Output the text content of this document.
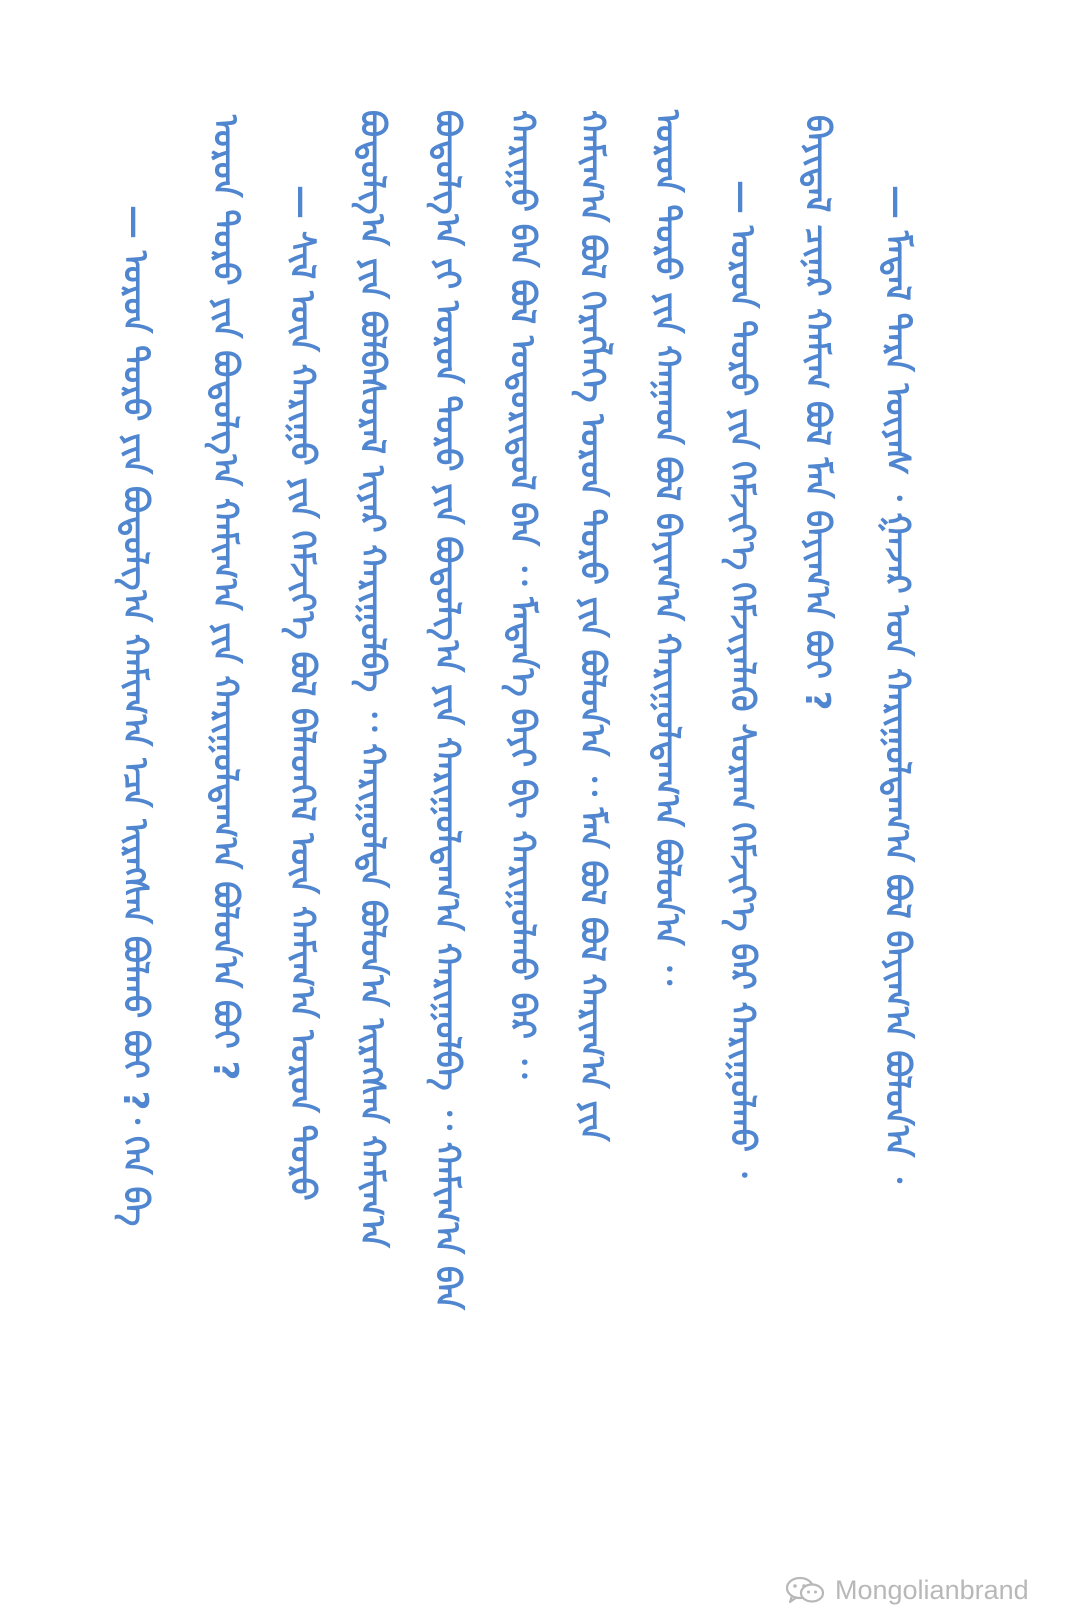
— ᠤᠷᠤᠨ ᠲᠤᠷᠤ ᠶᠢᠨ ᠪᠣᠳᠣᠯᠭ᠎ᠠ ᠬᠠᠮᠢᠭ᠎ᠠ ᠡᠴᠡ ᠢᠷᠡᠭᠰᠡᠨ ᠪᠣᠯᠬᠤ ᠪᠤᠢ ?᠂ ᠬᠡᠨ ᠪᠡ ᠤᠷᠤᠨ ᠲᠤᠷᠤ ᠶᠢᠨ ᠪᠣᠳᠣᠯᠭ᠎ᠠ ᠬᠠᠮᠢᠭ᠎ᠠ ᠶᠢᠨ ᠬᠠᠷᠢᠭᠤᠯᠳᠠᠭ᠎ᠠ ᠪᠣᠯᠤᠨ᠎ᠠ ᠪᠤᠢ ? — ᠰᠢᠯ ᠦᠨ ᠬᠠᠷᠢᠭᠤ ᠶᠢᠨ ᠬᠡᠮᠵᠢᠶ᠎ᠡ ᠪᠣᠯ ᠪᠡᠯᠡᠳᠬᠡᠯ ᠦᠨ ᠬᠠᠮᠢᠭ᠎ᠠ ᠤᠷᠤᠨ ᠲᠤᠷᠤ ᠪᠣᠳᠣᠯᠭ᠎ᠠ ᠶᠢᠨ ᠪᠣᠯᠪᠠᠰᠤᠷᠠᠯ ᠢᠶᠡᠷ ᠬᠠᠷᠢᠭᠤᠯᠪᠠ ᠂᠂ ᠬᠠᠷᠢᠭᠤᠯᠲᠠ ᠪᠣᠯᠤᠨ᠎ᠠ ᠢᠷᠡᠭᠰᠡᠨ ᠬᠠᠮᠢᠭ᠎ᠠ ᠪᠣᠳᠣᠯᠭ᠎ᠠ ᠶᠢ ᠤᠷᠤᠨ ᠲᠤᠷᠤ ᠶᠢᠨ ᠪᠣᠳᠣᠯᠭ᠎ᠠ ᠶᠢᠨ ᠬᠠᠷᠢᠭᠤᠯᠳᠠᠭ᠎ᠠ ᠬᠠᠷᠢᠭᠤᠯᠪᠠ ᠂᠂ ᠬᠠᠮᠢᠭ᠎ᠠ ᠪᠠᠨ ᠬᠠᠷᠢᠭᠤ ᠪᠠᠨ ᠪᠣᠯ ᠤᠳᠤᠷᠢᠳᠤᠯ ᠪᠠᠨ ᠂᠂ ᠮᠡᠳᠡᠨ᠎ᠡ ᠪᠠᠶᠢ ᠪᠢ ᠬᠠᠷᠢᠭᠤᠯᠬᠤ ᠪᠠᠷ ᠂᠂ ᠬᠠᠮᠢᠭ᠎ᠠ ᠪᠣᠯ ᠬᠡᠷᠡᠭᠯᠡᠭᠡ ᠤᠷᠤᠨ ᠲᠤᠷᠤ ᠶᠢᠨ ᠪᠣᠯᠤᠨ᠎ᠠ ᠂᠂ ᠮᠠᠨ ᠪᠣᠯ ᠪᠣᠯ ᠬᠠᠷᠢᠭ᠎ᠠ ᠶᠢᠨ ᠤᠷᠤᠨ ᠲᠤᠷᠤ ᠶᠢᠨ ᠬᠠᠭᠠᠳ ᠪᠣᠯ ᠪᠠᠶᠢᠭ᠎ᠠ ᠬᠠᠷᠢᠭᠤᠯᠳᠠᠭ᠎ᠠ ᠪᠣᠯᠤᠨ᠎ᠠ ᠂᠂ — ᠤᠷᠤᠨ ᠲᠤᠷᠤ ᠶᠢᠨ ᠬᠡᠮᠵᠢᠶ᠎ᠡ ᠬᠡᠮᠵᠢᠶᠡᠯᠡᠬᠦ ᠰᠤᠷᠠᠭ ᠬᠡᠮᠵᠢᠶ᠎ᠡ ᠪᠡᠷ ᠬᠠᠷᠢᠭᠤᠯᠬᠤ ᠂ ᠪᠠᠶᠢᠳᠠᠯ ᠴᠢᠨᠠᠷ ᠬᠠᠮᠢᠭ ᠪᠣᠯ ᠮᠠᠨ ᠪᠠᠶᠢᠭ᠎ᠠ ᠪᠤᠢ ? — ᠮᠡᠳᠡᠯ ᠲᠡᠷᠡ ᠦᠶᠡᠰ ᠂ ᠭᠠᠵᠠᠷ ᠤᠨ ᠬᠠᠷᠢᠭᠤᠯᠳᠠᠭ᠎ᠠ ᠪᠣᠯ ᠪᠠᠶᠢᠭ᠎ᠠ ᠪᠣᠯᠤᠨ᠎ᠠ ᠂
Mongolianbrand
